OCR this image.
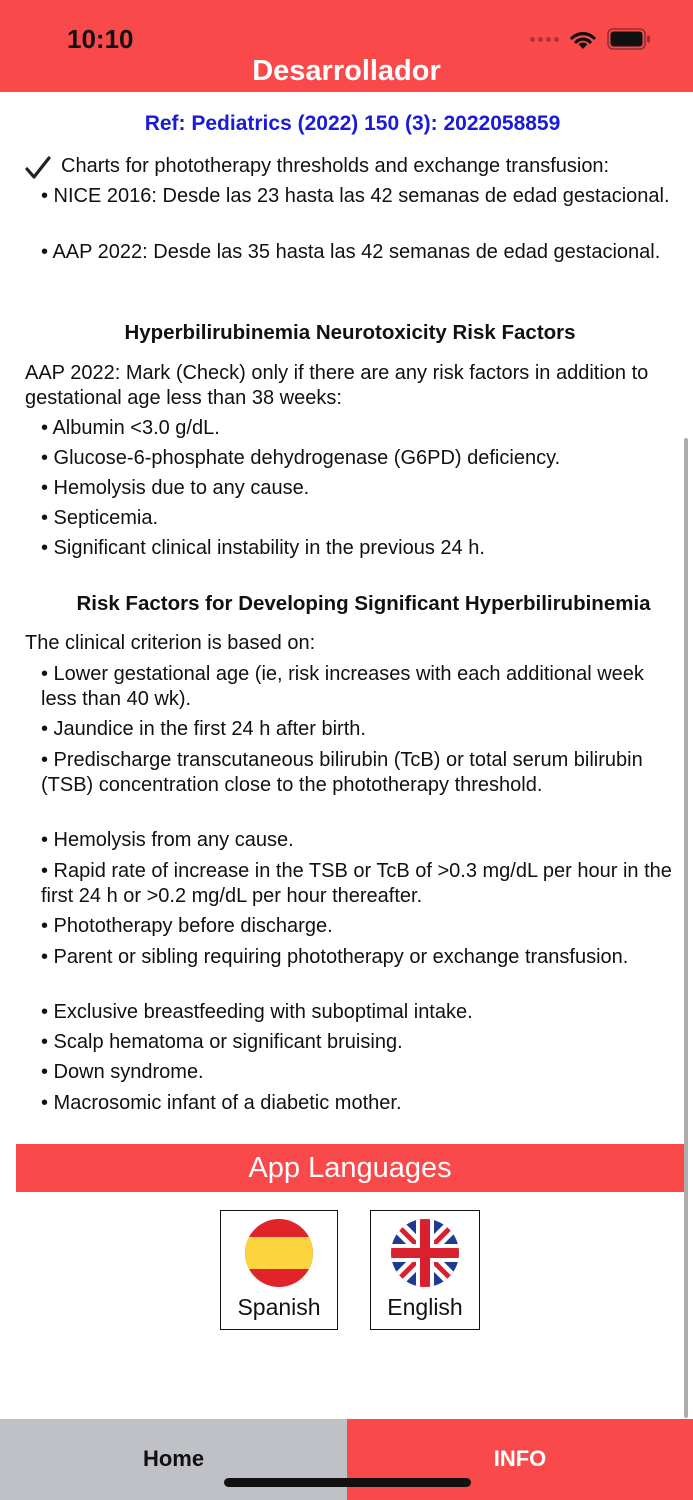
10:10
Desarrollador
Ref: Pediatrics (2022) 150 (3): 2022058859
Charts for phototherapy thresholds and exchange transfusion:
• NICE 2016: Desde las 23 hasta las 42 semanas de edad gestacional.
• AAP 2022: Desde las 35 hasta las 42 semanas de edad gestacional.
Hyperbilirubinemia Neurotoxicity Risk Factors
AAP 2022: Mark (Check) only if there are any risk factors in addition to gestational age less than 38 weeks:
• Albumin <3.0 g/dL.
• Glucose-6-phosphate dehydrogenase (G6PD) deficiency.
• Hemolysis due to any cause.
• Septicemia.
• Significant clinical instability in the previous 24 h.
Risk Factors for Developing Significant Hyperbilirubinemia
The clinical criterion is based on:
• Lower gestational age (ie, risk increases with each additional week less than 40 wk).
• Jaundice in the first 24 h after birth.
• Predischarge transcutaneous bilirubin (TcB) or total serum bilirubin (TSB) concentration close to the phototherapy threshold.
• Hemolysis from any cause.
• Rapid rate of increase in the TSB or TcB of >0.3 mg/dL per hour in the first 24 h or >0.2 mg/dL per hour thereafter.
• Phototherapy before discharge.
• Parent or sibling requiring phototherapy or exchange transfusion.
• Exclusive breastfeeding with suboptimal intake.
• Scalp hematoma or significant bruising.
• Down syndrome.
• Macrosomic infant of a diabetic mother.
App Languages
Spanish	English
Home	INFO
